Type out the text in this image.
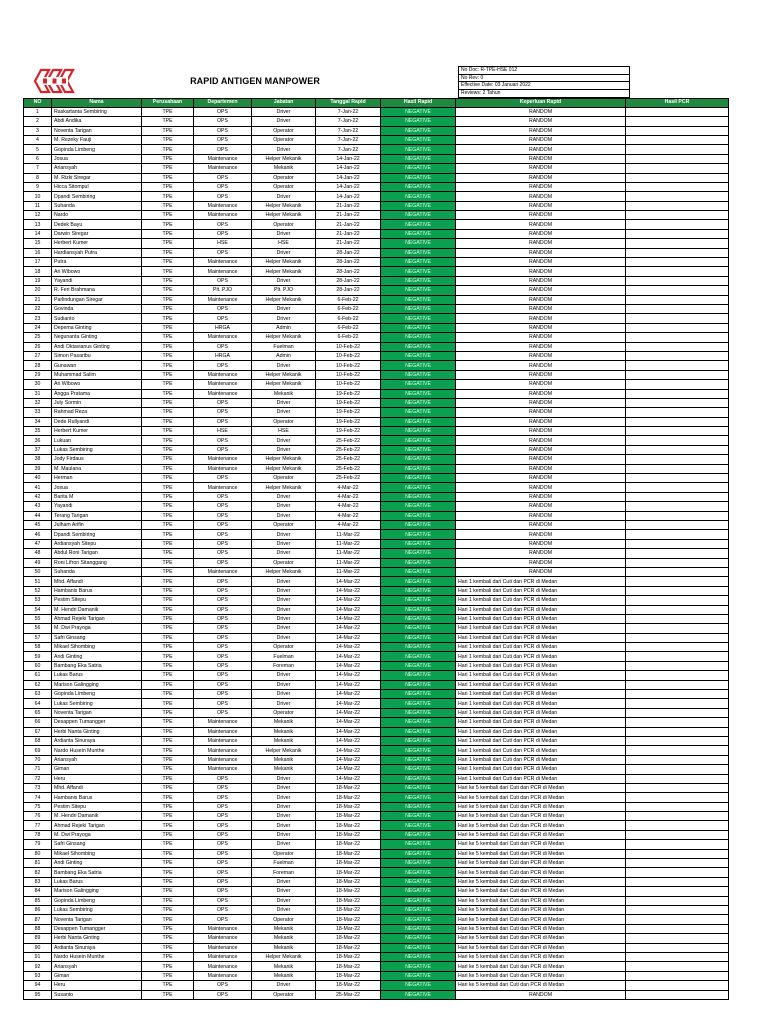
RAPID ANTIGEN MANPOWER
No Doc: R-TPE-HSE 012
No Rev: 0
Effective Date: 03 Januari 2022
Reviews: 2 Tahun
NO	Nama	Perusahaan	Departemen	Jabatan	Tanggal Rapid	Hasil Rapid	Keperluan Rapid	Hasil PCR
1	Raskartanta Sembiring	TPE	OPS	Driver	7-Jan-22	NEGATIVE	RANDOM	
2	Abdi Andika	TPE	OPS	Driver	7-Jan-22	NEGATIVE	RANDOM	
3	Noventa Tarigan	TPE	OPS	Operator	7-Jan-22	NEGATIVE	RANDOM	
4	M. Rezeky Fauji	TPE	OPS	Operator	7-Jan-22	NEGATIVE	RANDOM	
5	Gopinda Limbeng	TPE	OPS	Driver	7-Jan-22	NEGATIVE	RANDOM	
6	Josua	TPE	Maintenance	Helper Mekanik	14-Jan-22	NEGATIVE	RANDOM	
7	Ariansyah	TPE	Maintenance	Mekanik	14-Jan-22	NEGATIVE	RANDOM	
8	M. Rizki Siregar	TPE	OPS	Operator	14-Jan-22	NEGATIVE	RANDOM	
9	Hicca Sitompul	TPE	OPS	Operator	14-Jan-22	NEGATIVE	RANDOM	
10	Dpandi Sembiring	TPE	OPS	Driver	14-Jan-22	NEGATIVE	RANDOM	
11	Suhanda	TPE	Maintenance	Helper Mekanik	21-Jan-22	NEGATIVE	RANDOM	
12	Nardo	TPE	Maintenance	Helper Mekanik	21-Jan-22	NEGATIVE	RANDOM	
13	Dedek Bayu	TPE	OPS	Operator	21-Jan-22	NEGATIVE	RANDOM	
14	Darwin Siregar	TPE	OPS	Driver	21-Jan-22	NEGATIVE	RANDOM	
15	Herbert Kumer	TPE	HSE	HSE	21-Jan-22	NEGATIVE	RANDOM	
16	Hardiansyah Putra	TPE	OPS	Driver	28-Jan-22	NEGATIVE	RANDOM	
17	Putra	TPE	Maintenance	Helper Mekanik	28-Jan-22	NEGATIVE	RANDOM	
18	Ari Wibowo	TPE	Maintenance	Helper Mekanik	28-Jan-22	NEGATIVE	RANDOM	
19	Yayandi	TPE	OPS	Driver	28-Jan-22	NEGATIVE	RANDOM	
20	R. Feri Brahmana	TPE	Plt. PJO	Plt. PJO	28-Jan-22	NEGATIVE	RANDOM	
21	Parlindungan Siregar	TPE	Maintenance	Helper Mekanik	6-Feb-22	NEGATIVE	RANDOM	
22	Govinda	TPE	OPS	Driver	6-Feb-22	NEGATIVE	RANDOM	
23	Sudianto	TPE	OPS	Driver	6-Feb-22	NEGATIVE	RANDOM	
24	Depema Ginting	TPE	HRGA	Admin	6-Feb-22	NEGATIVE	RANDOM	
25	Negunanta Ginting	TPE	Maintenance	Helper Mekanik	6-Feb-22	NEGATIVE	RANDOM	
26	Andi Oktavianus Ginting	TPE	OPS	Fuelman	10-Feb-22	NEGATIVE	RANDOM	
27	Simon Pasaribu	TPE	HRGA	Admin	10-Feb-22	NEGATIVE	RANDOM	
28	Gunawan	TPE	OPS	Driver	10-Feb-22	NEGATIVE	RANDOM	
29	Muhammad Salim	TPE	Maintenance	Helper Mekanik	10-Feb-22	NEGATIVE	RANDOM	
30	Ari Wibowo	TPE	Maintenance	Helper Mekanik	10-Feb-22	NEGATIVE	RANDOM	
31	Angga Pratama	TPE	Maintenance	Mekanik	19-Feb-22	NEGATIVE	RANDOM	
32	July Sormin	TPE	OPS	Driver	19-Feb-22	NEGATIVE	RANDOM	
33	Rahmad Reza	TPE	OPS	Driver	19-Feb-22	NEGATIVE	RANDOM	
34	Dede Rullyandi	TPE	OPS	Operator	19-Feb-22	NEGATIVE	RANDOM	
35	Herbert Kumer	TPE	HSE	HSE	19-Feb-22	NEGATIVE	RANDOM	
36	Lukuan	TPE	OPS	Driver	25-Feb-22	NEGATIVE	RANDOM	
37	Lukas Sembiring	TPE	OPS	Driver	25-Feb-22	NEGATIVE	RANDOM	
38	Jody Firdaus	TPE	Maintenance	Helper Mekanik	25-Feb-22	NEGATIVE	RANDOM	
39	M. Maulana	TPE	Maintenance	Helper Mekanik	25-Feb-22	NEGATIVE	RANDOM	
40	Herman	TPE	OPS	Operator	25-Feb-22	NEGATIVE	RANDOM	
41	Josua	TPE	Maintenance	Helper Mekanik	4-Mar-22	NEGATIVE	RANDOM	
42	Barita M	TPE	OPS	Driver	4-Mar-22	NEGATIVE	RANDOM	
43	Yayandi	TPE	OPS	Driver	4-Mar-22	NEGATIVE	RANDOM	
44	Terang Tarigan	TPE	OPS	Driver	4-Mar-22	NEGATIVE	RANDOM	
45	Julham Arifin	TPE	OPS	Operator	4-Mar-22	NEGATIVE	RANDOM	
46	Dpandi Sembiring	TPE	OPS	Driver	11-Mar-22	NEGATIVE	RANDOM	
47	Ardiansyah Sitepu	TPE	OPS	Driver	11-Mar-22	NEGATIVE	RANDOM	
48	Abdul Roni Tarigan	TPE	OPS	Driver	11-Mar-22	NEGATIVE	RANDOM	
49	Roni Lifron Sitanggang	TPE	OPS	Operator	11-Mar-22	NEGATIVE	RANDOM	
50	Suhanda	TPE	Maintenance	Helper Mekanik	11-Mar-22	NEGATIVE	RANDOM	
51	Mhd. Affandi	TPE	OPS	Driver	14-Mar-22	NEGATIVE	Hari 1 kembali dari Cuti dan PCR di Medan	
52	Hambanis Barus	TPE	OPS	Driver	14-Mar-22	NEGATIVE	Hari 1 kembali dari Cuti dan PCR di Medan	
53	Pestim Sitepu	TPE	OPS	Driver	14-Mar-22	NEGATIVE	Hari 1 kembali dari Cuti dan PCR di Medan	
54	M. Hendri Damanik	TPE	OPS	Driver	14-Mar-22	NEGATIVE	Hari 1 kembali dari Cuti dan PCR di Medan	
55	Ahmad Rejeki Tarigan	TPE	OPS	Driver	14-Mar-22	NEGATIVE	Hari 1 kembali dari Cuti dan PCR di Medan	
56	M. Dwi Prayoga	TPE	OPS	Driver	14-Mar-22	NEGATIVE	Hari 1 kembali dari Cuti dan PCR di Medan	
57	Safri Ginsang	TPE	OPS	Driver	14-Mar-22	NEGATIVE	Hari 1 kembali dari Cuti dan PCR di Medan	
58	Mikael Sihombing	TPE	OPS	Operator	14-Mar-22	NEGATIVE	Hari 1 kembali dari Cuti dan PCR di Medan	
59	Andi Ginting	TPE	OPS	Fuelman	14-Mar-22	NEGATIVE	Hari 1 kembali dari Cuti dan PCR di Medan	
60	Bambang Eka Satria	TPE	OPS	Foreman	14-Mar-22	NEGATIVE	Hari 1 kembali dari Cuti dan PCR di Medan	
61	Lukas Barus	TPE	OPS	Driver	14-Mar-22	NEGATIVE	Hari 1 kembali dari Cuti dan PCR di Medan	
62	Marison Galingging	TPE	OPS	Driver	14-Mar-22	NEGATIVE	Hari 1 kembali dari Cuti dan PCR di Medan	
63	Gopinda Limbeng	TPE	OPS	Driver	14-Mar-22	NEGATIVE	Hari 1 kembali dari Cuti dan PCR di Medan	
64	Lukas Sembiring	TPE	OPS	Driver	14-Mar-22	NEGATIVE	Hari 1 kembali dari Cuti dan PCR di Medan	
65	Noventa Tarigan	TPE	OPS	Operator	14-Mar-22	NEGATIVE	Hari 1 kembali dari Cuti dan PCR di Medan	
66	Desappen Tumangger	TPE	Maintenance	Mekanik	14-Mar-22	NEGATIVE	Hari 1 kembali dari Cuti dan PCR di Medan	
67	Herbi Nanta Ginting	TPE	Maintenance	Mekanik	14-Mar-22	NEGATIVE	Hari 1 kembali dari Cuti dan PCR di Medan	
68	Ardianta Sinuraya	TPE	Maintenance	Mekanik	14-Mar-22	NEGATIVE	Hari 1 kembali dari Cuti dan PCR di Medan	
69	Nardo Husein Munthe	TPE	Maintenance	Helper Mekanik	14-Mar-22	NEGATIVE	Hari 1 kembali dari Cuti dan PCR di Medan	
70	Ariansyah	TPE	Maintenance	Mekanik	14-Mar-22	NEGATIVE	Hari 1 kembali dari Cuti dan PCR di Medan	
71	Giman	TPE	Maintenance	Mekanik	14-Mar-22	NEGATIVE	Hari 1 kembali dari Cuti dan PCR di Medan	
72	Heru	TPE	OPS	Driver	14-Mar-22	NEGATIVE	Hari 1 kembali dari Cuti dan PCR di Medan	
73	Mhd. Affandi	TPE	OPS	Driver	18-Mar-22	NEGATIVE	Hari ke 5 kembali dari Cuti dan PCR di Medan	
74	Hambanis Barus	TPE	OPS	Driver	18-Mar-22	NEGATIVE	Hari ke 5 kembali dari Cuti dan PCR di Medan	
75	Pestim Sitepu	TPE	OPS	Driver	18-Mar-22	NEGATIVE	Hari ke 5 kembali dari Cuti dan PCR di Medan	
76	M. Hendri Damanik	TPE	OPS	Driver	18-Mar-22	NEGATIVE	Hari ke 5 kembali dari Cuti dan PCR di Medan	
77	Ahmad Rejeki Tarigan	TPE	OPS	Driver	18-Mar-22	NEGATIVE	Hari ke 5 kembali dari Cuti dan PCR di Medan	
78	M. Dwi Prayoga	TPE	OPS	Driver	18-Mar-22	NEGATIVE	Hari ke 5 kembali dari Cuti dan PCR di Medan	
79	Safri Ginsang	TPE	OPS	Driver	18-Mar-22	NEGATIVE	Hari ke 5 kembali dari Cuti dan PCR di Medan	
80	Mikael Sihombing	TPE	OPS	Operator	18-Mar-22	NEGATIVE	Hari ke 5 kembali dari Cuti dan PCR di Medan	
81	Andi Ginting	TPE	OPS	Fuelman	18-Mar-22	NEGATIVE	Hari ke 5 kembali dari Cuti dan PCR di Medan	
82	Bambang Eka Satria	TPE	OPS	Foreman	18-Mar-22	NEGATIVE	Hari ke 5 kembali dari Cuti dan PCR di Medan	
83	Lukas Barus	TPE	OPS	Driver	18-Mar-22	NEGATIVE	Hari ke 5 kembali dari Cuti dan PCR di Medan	
84	Marison Galingging	TPE	OPS	Driver	18-Mar-22	NEGATIVE	Hari ke 5 kembali dari Cuti dan PCR di Medan	
85	Gopinda Limbeng	TPE	OPS	Driver	18-Mar-22	NEGATIVE	Hari ke 5 kembali dari Cuti dan PCR di Medan	
86	Lukas Sembiring	TPE	OPS	Driver	18-Mar-22	NEGATIVE	Hari ke 5 kembali dari Cuti dan PCR di Medan	
87	Noventa Tarigan	TPE	OPS	Operator	18-Mar-22	NEGATIVE	Hari ke 5 kembali dari Cuti dan PCR di Medan	
88	Desappen Tumangger	TPE	Maintenance	Mekanik	18-Mar-22	NEGATIVE	Hari ke 5 kembali dari Cuti dan PCR di Medan	
89	Herbi Nanta Ginting	TPE	Maintenance	Mekanik	18-Mar-22	NEGATIVE	Hari ke 5 kembali dari Cuti dan PCR di Medan	
90	Ardianta Sinuraya	TPE	Maintenance	Mekanik	18-Mar-22	NEGATIVE	Hari ke 5 kembali dari Cuti dan PCR di Medan	
91	Nardo Husein Munthe	TPE	Maintenance	Helper Mekanik	18-Mar-22	NEGATIVE	Hari ke 5 kembali dari Cuti dan PCR di Medan	
92	Ariansyah	TPE	Maintenance	Mekanik	18-Mar-22	NEGATIVE	Hari ke 5 kembali dari Cuti dan PCR di Medan	
93	Giman	TPE	Maintenance	Mekanik	18-Mar-22	NEGATIVE	Hari ke 5 kembali dari Cuti dan PCR di Medan	
94	Heru	TPE	OPS	Driver	18-Mar-22	NEGATIVE	Hari ke 5 kembali dari Cuti dan PCR di Medan	
95	Susanto	TPE	OPS	Operator	25-Mar-22	NEGATIVE	RANDOM	
